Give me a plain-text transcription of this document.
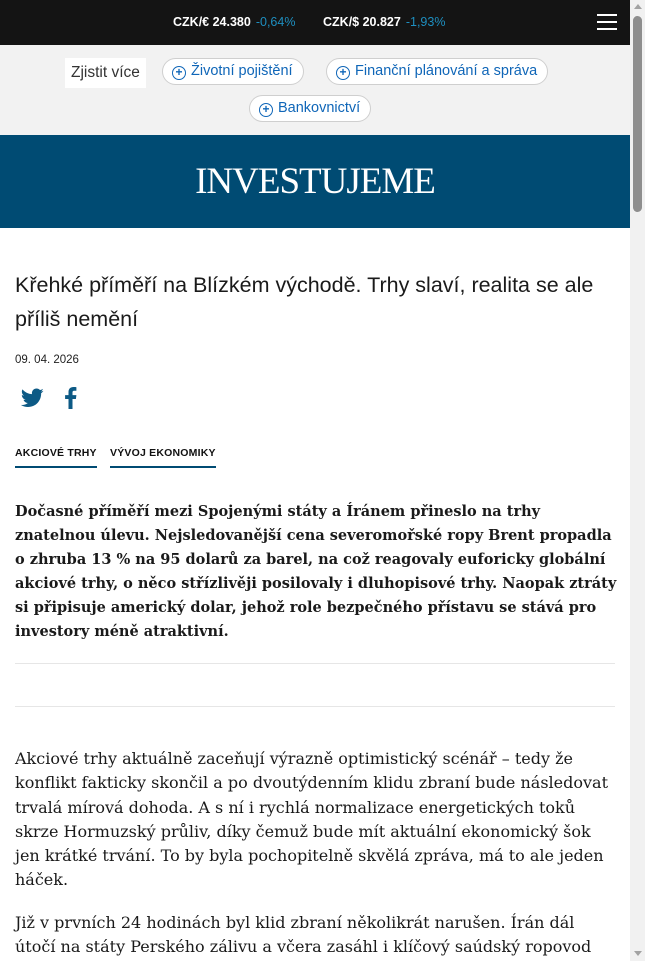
CZK/€ 24.380 -0,64% CZK/$ 20.827 -1,93%
Zjistit více	+ Životní pojištění	+ Finanční plánování a správa
+ Bankovnictví
INVESTUJEME
Křehké příměří na Blízkém východě. Trhy slaví, realita se ale příliš nemění
09. 04. 2026
AKCIOVÉ TRHY VÝVOJ EKONOMIKY

Dočasné příměří mezi Spojenými státy a Íránem přineslo na trhy znatelnou úlevu. Nejsledovanější cena severomořské ropy Brent propadla o zhruba 13 % na 95 dolarů za barel, na což reagovaly euforicky globální akciové trhy, o něco střízlivěji posilovaly i dluhopisové trhy. Naopak ztráty si připisuje americký dolar, jehož role bezpečného přístavu se stává pro investory méně atraktivní.

Akciové trhy aktuálně zaceňují výrazně optimistický scénář – tedy že konflikt fakticky skončil a po dvoutýdenním klidu zbraní bude následovat trvalá mírová dohoda. A s ní i rychlá normalizace energetických toků skrze Hormuzský průliv, díky čemuž bude mít aktuální ekonomický šok jen krátké trvání. To by byla pochopitelně skvělá zpráva, má to ale jeden háček.

Již v prvních 24 hodinách byl klid zbraní několikrát narušen. Írán dál útočí na státy Perského zálivu a včera zasáhl i klíčový saúdský ropovod
